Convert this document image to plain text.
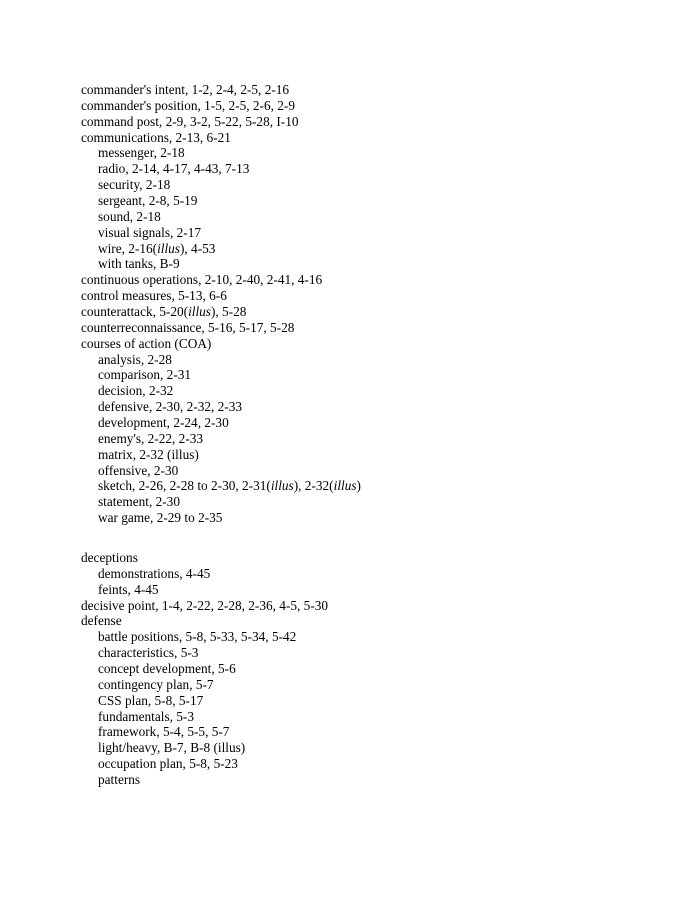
commander's intent, 1-2, 2-4, 2-5, 2-16
commander's position, 1-5, 2-5, 2-6, 2-9
command post, 2-9, 3-2, 5-22, 5-28, I-10
communications, 2-13, 6-21
messenger, 2-18
radio, 2-14, 4-17, 4-43, 7-13
security, 2-18
sergeant, 2-8, 5-19
sound, 2-18
visual signals, 2-17
wire, 2-16(illus), 4-53
with tanks, B-9
continuous operations, 2-10, 2-40, 2-41, 4-16
control measures, 5-13, 6-6
counterattack, 5-20(illus), 5-28
counterreconnaissance, 5-16, 5-17, 5-28
courses of action (COA)
analysis, 2-28
comparison, 2-31
decision, 2-32
defensive, 2-30, 2-32, 2-33
development, 2-24, 2-30
enemy's, 2-22, 2-33
matrix, 2-32 (illus)
offensive, 2-30
sketch, 2-26, 2-28 to 2-30, 2-31(illus), 2-32(illus)
statement, 2-30
war game, 2-29 to 2-35
deceptions
demonstrations, 4-45
feints, 4-45
decisive point, 1-4, 2-22, 2-28, 2-36, 4-5, 5-30
defense
battle positions, 5-8, 5-33, 5-34, 5-42
characteristics, 5-3
concept development, 5-6
contingency plan, 5-7
CSS plan, 5-8, 5-17
fundamentals, 5-3
framework, 5-4, 5-5, 5-7
light/heavy, B-7, B-8 (illus)
occupation plan, 5-8, 5-23
patterns
